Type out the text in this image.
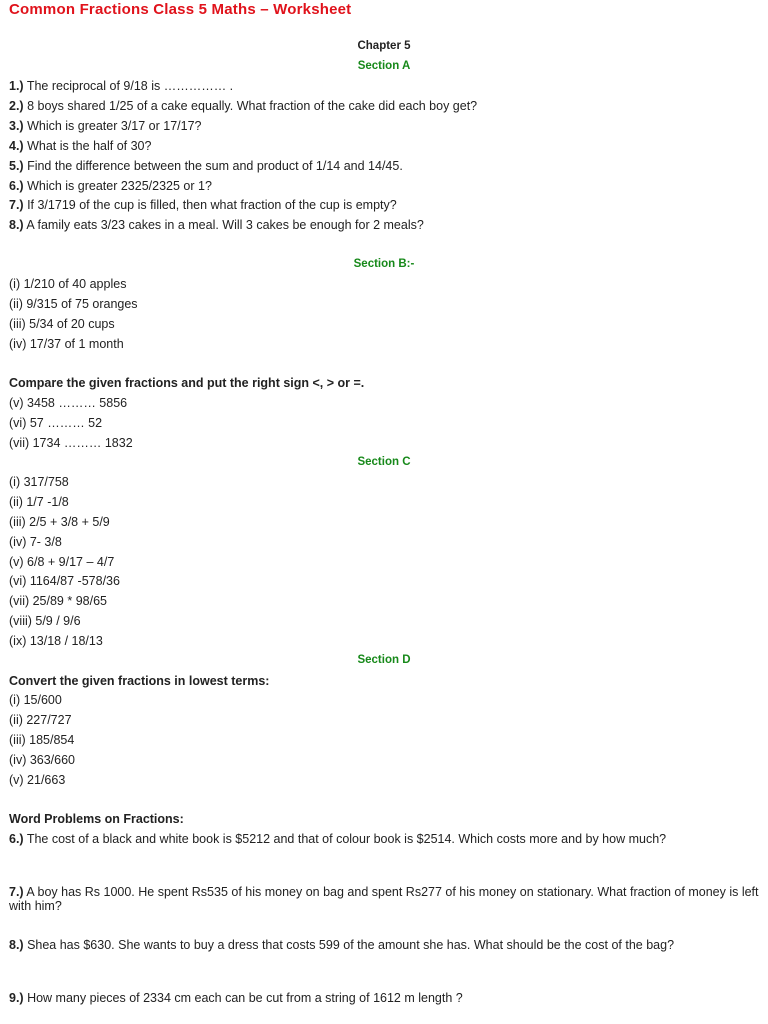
Common Fractions Class 5 Maths – Worksheet
Chapter 5
Section A
1.) The reciprocal of 9/18 is …………… .
2.) 8 boys shared 1/25 of a cake equally. What fraction of the cake did each boy get?
3.) Which is greater 3/17 or 17/17?
4.) What is the half of 30?
5.) Find the difference between the sum and product of 1/14 and 14/45.
6.) Which is greater 2325/2325 or 1?
7.) If 3/1719 of the cup is filled, then what fraction of the cup is empty?
8.) A family eats 3/23 cakes in a meal. Will 3 cakes be enough for 2 meals?
Section B:-
(i) 1/210 of 40 apples
(ii) 9/315 of 75 oranges
(iii) 5/34 of 20 cups
(iv) 17/37 of 1 month
Compare the given fractions and put the right sign <, > or =.
(v) 3458 ……… 5856
(vi) 57 ……… 52
(vii) 1734 ……… 1832
Section C
(i) 317/758
(ii) 1/7 -1/8
(iii) 2/5 + 3/8 + 5/9
(iv) 7- 3/8
(v) 6/8 + 9/17 – 4/7
(vi) 1164/87 -578/36
(vii) 25/89 * 98/65
(viii) 5/9 / 9/6
(ix) 13/18 / 18/13
Section D
Convert the given fractions in lowest terms:
(i) 15/600
(ii) 227/727
(iii) 185/854
(iv) 363/660
(v) 21/663
Word Problems on Fractions:
6.) The cost of a black and white book is $5212 and that of colour book is $2514. Which costs more and by how much?
7.) A boy has Rs 1000. He spent Rs535 of his money on bag and spent Rs277 of his money on stationary. What fraction of money is left with him?
8.) Shea has $630. She wants to buy a dress that costs 599 of the amount she has. What should be the cost of the bag?
9.) How many pieces of 2334 cm each can be cut from a string of 1612 m length ?
